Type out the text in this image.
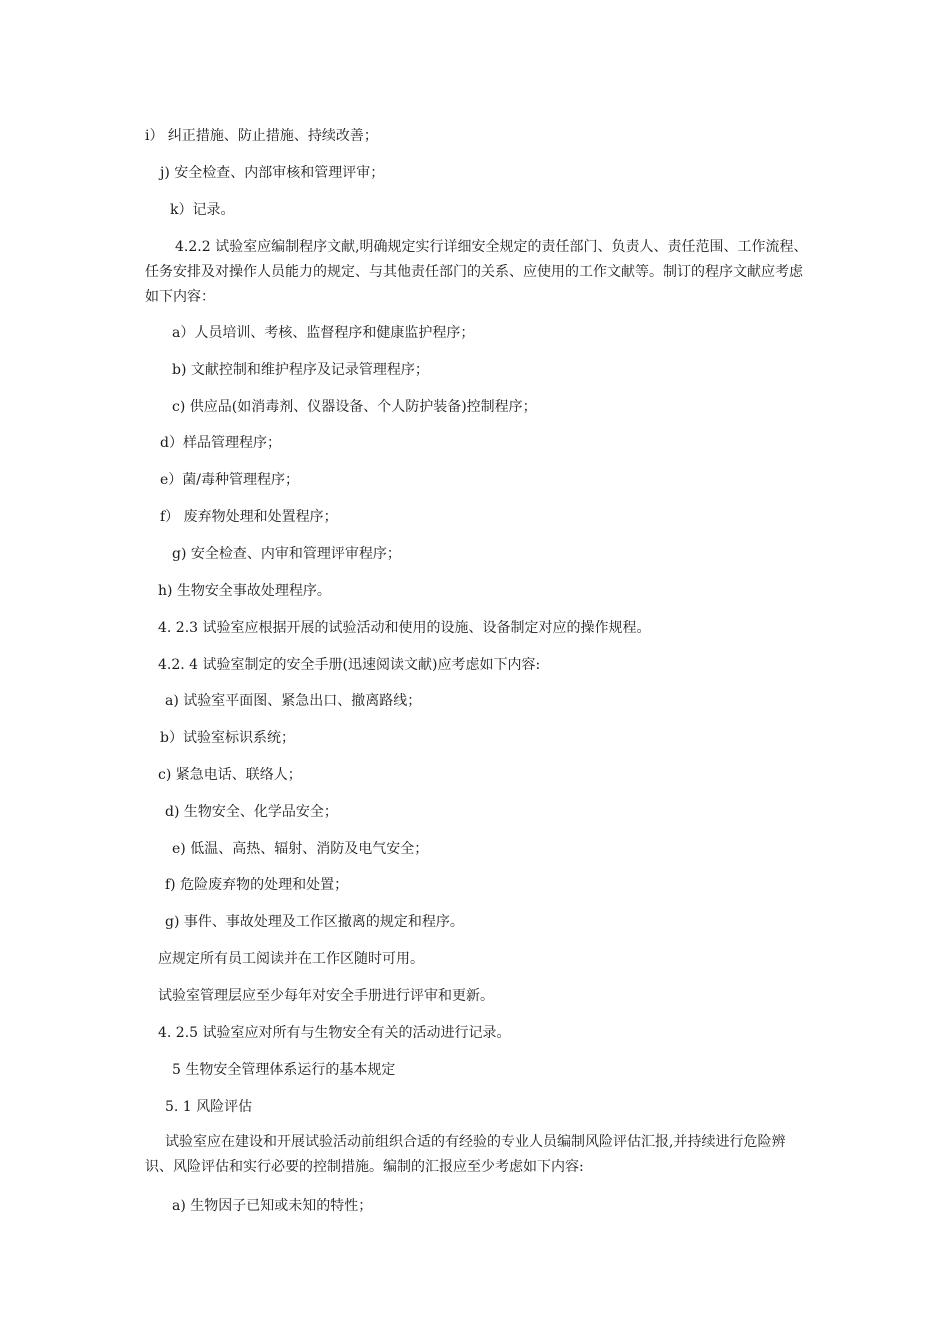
i） 纠正措施、防止措施、持续改善；
j) 安全检查、内部审核和管理评审；
k）记录。
4.2.2 试验室应编制程序文献,明确规定实行详细安全规定的责任部门、负责人、责任范围、工作流程、任务安排及对操作人员能力的规定、与其他责任部门的关系、应使用的工作文献等。制订的程序文献应考虑如下内容：
a）人员培训、考核、监督程序和健康监护程序；
b) 文献控制和维护程序及记录管理程序；
c) 供应品(如消毒剂、仪器设备、个人防护装备)控制程序；
d）样品管理程序；
e）菌/毒种管理程序；
f） 废弃物处理和处置程序；
g) 安全检查、内审和管理评审程序；
h) 生物安全事故处理程序。
4. 2.3 试验室应根据开展的试验活动和使用的设施、设备制定对应的操作规程。
4.2. 4 试验室制定的安全手册(迅速阅读文献)应考虑如下内容:
a) 试验室平面图、紧急出口、撤离路线；
b）试验室标识系统；
c) 紧急电话、联络人；
d) 生物安全、化学品安全；
e) 低温、高热、辐射、消防及电气安全；
f) 危险废弃物的处理和处置；
g) 事件、事故处理及工作区撤离的规定和程序。
应规定所有员工阅读并在工作区随时可用。
试验室管理层应至少每年对安全手册进行评审和更新。
4. 2.5 试验室应对所有与生物安全有关的活动进行记录。
5 生物安全管理体系运行的基本规定
5. 1 风险评估
试验室应在建设和开展试验活动前组织合适的有经验的专业人员编制风险评估汇报,并持续进行危险辨识、风险评估和实行必要的控制措施。编制的汇报应至少考虑如下内容:
a) 生物因子已知或未知的特性；
